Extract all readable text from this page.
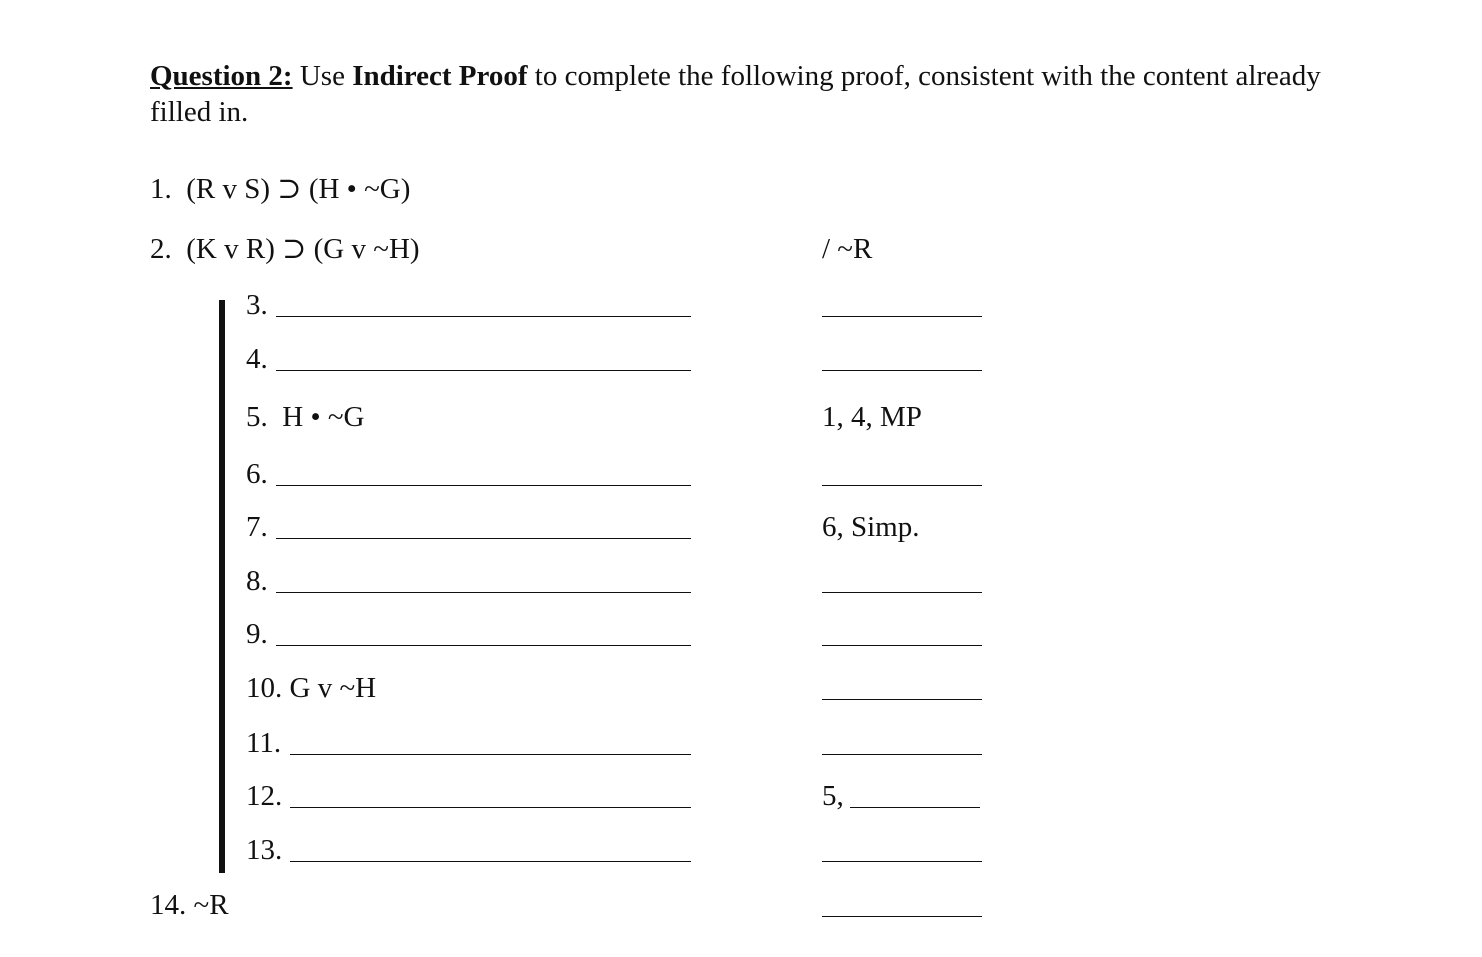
Question 2: Use Indirect Proof to complete the following proof, consistent with the content already filled in.
1. (R v S) ⊃ (H • ~G)
2. (K v R) ⊃ (G v ~H)	/ ~R
3.
4.
5. H • ~G	1, 4, MP
6.
7.	6, Simp.
8.
9.
10. G v ~H
11.
12.	5,
13.
14. ~R
